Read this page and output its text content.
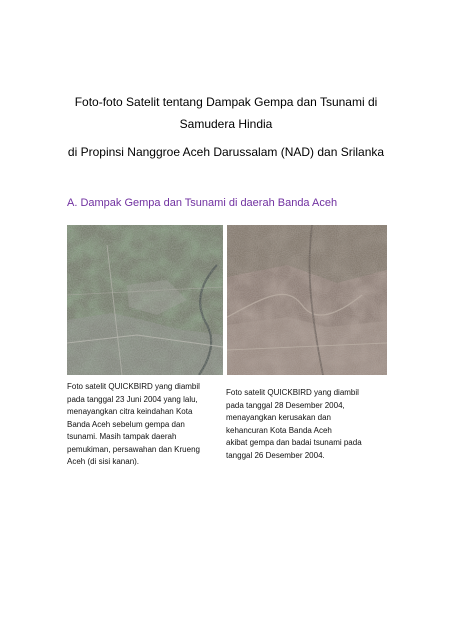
Foto-foto Satelit tentang Dampak Gempa dan Tsunami di
Samudera Hindia
di Propinsi Nanggroe Aceh Darussalam (NAD) dan Srilanka
A. Dampak Gempa dan Tsunami di daerah Banda Aceh
Foto satelit QUICKBIRD yang diambil
pada tanggal 23 Juni 2004 yang lalu,
menayangkan citra keindahan Kota
Banda Aceh sebelum gempa dan
tsunami. Masih tampak daerah
pemukiman, persawahan dan Krueng
Aceh (di sisi kanan).
Foto satelit QUICKBIRD yang diambil
pada tanggal 28 Desember 2004,
menayangkan kerusakan dan
kehancuran Kota Banda Aceh
akibat gempa dan badai tsunami pada
tanggal 26 Desember 2004.
